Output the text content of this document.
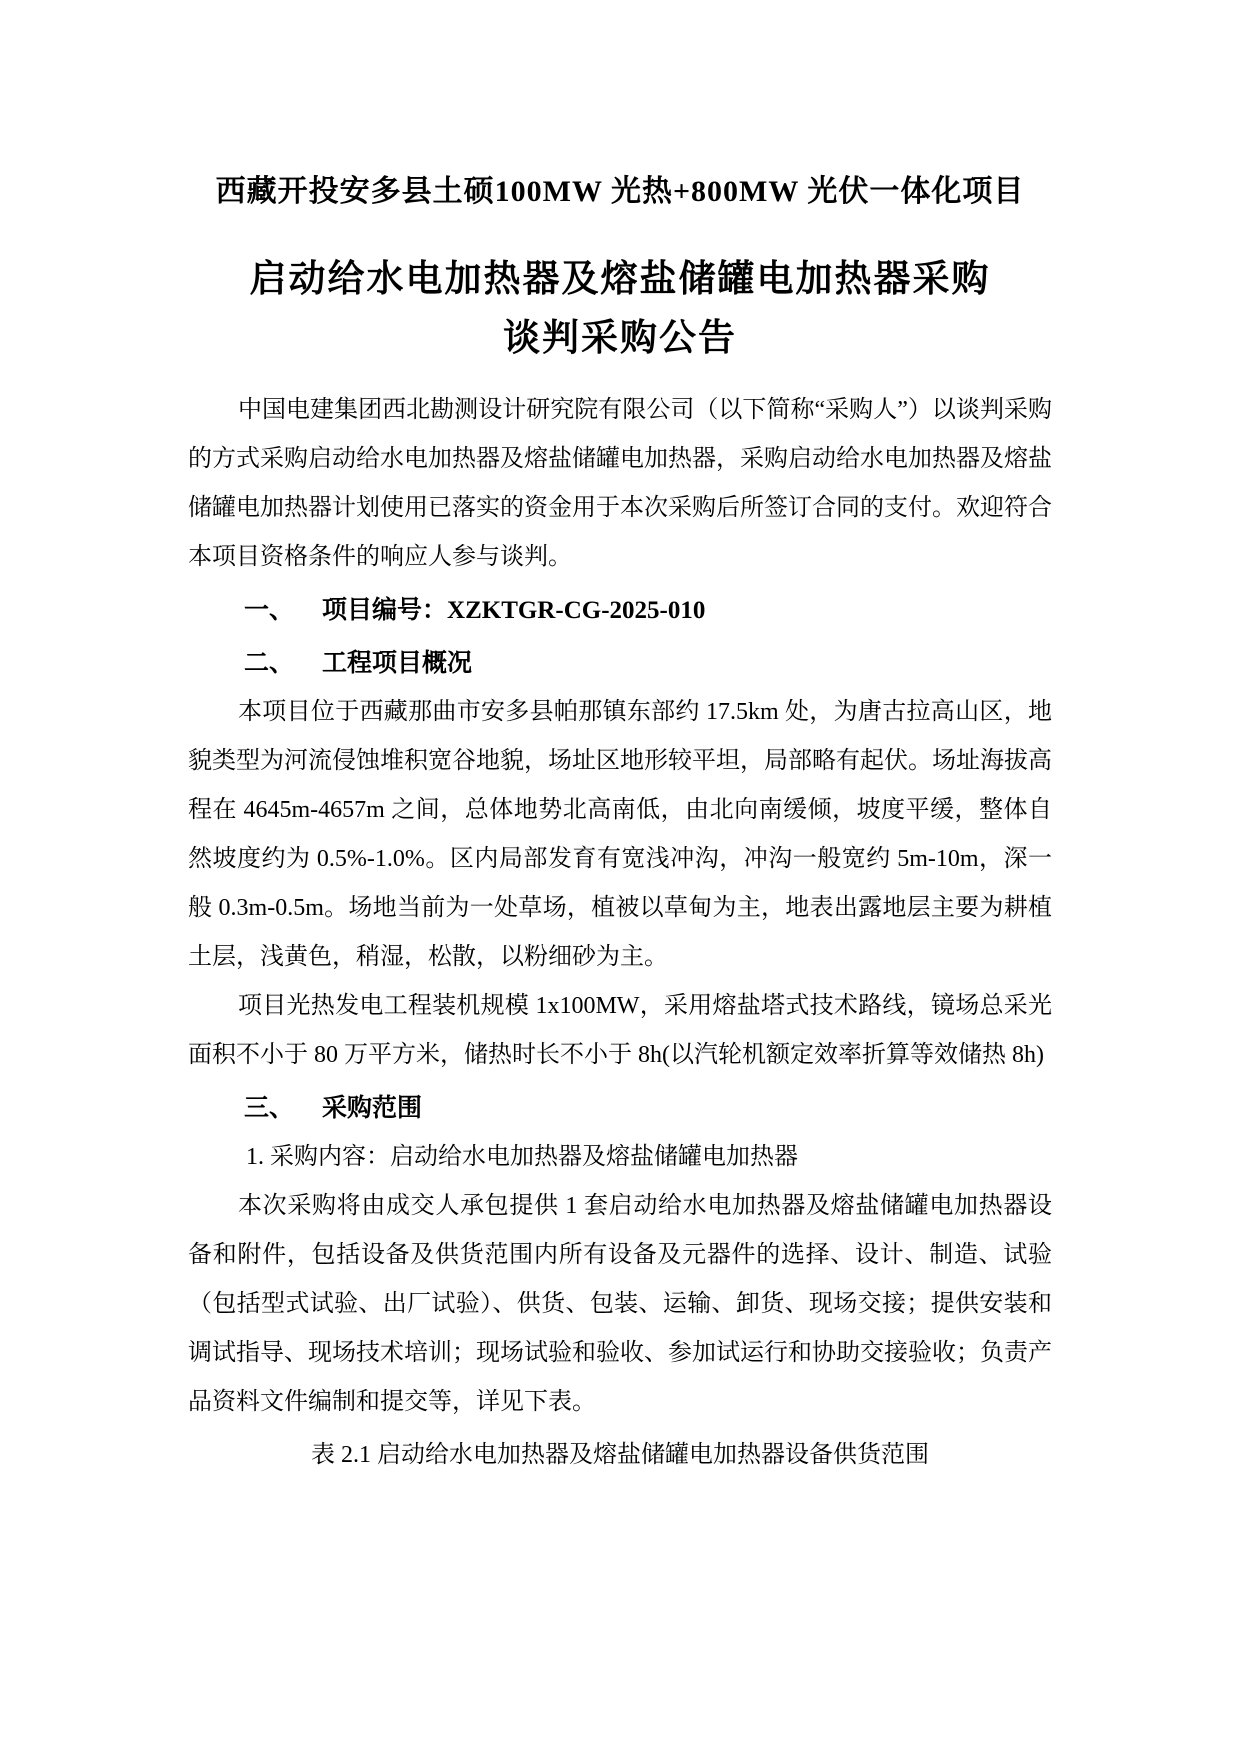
西藏开投安多县土硕100MW 光热+800MW 光伏一体化项目
启动给水电加热器及熔盐储罐电加热器采购
谈判采购公告

中国电建集团西北勘测设计研究院有限公司（以下简称“采购人”）以谈判采购的方式采购启动给水电加热器及熔盐储罐电加热器，采购启动给水电加热器及熔盐储罐电加热器计划使用已落实的资金用于本次采购后所签订合同的支付。欢迎符合本项目资格条件的响应人参与谈判。

一、 项目编号：XZKTGR-CG-2025-010

二、 工程项目概况

本项目位于西藏那曲市安多县帕那镇东部约 17.5km 处，为唐古拉高山区，地貌类型为河流侵蚀堆积宽谷地貌，场址区地形较平坦，局部略有起伏。场址海拔高程在 4645m-4657m 之间，总体地势北高南低，由北向南缓倾，坡度平缓，整体自然坡度约为 0.5%-1.0%。区内局部发育有宽浅冲沟，冲沟一般宽约 5m-10m，深一般 0.3m-0.5m。场地当前为一处草场，植被以草甸为主，地表出露地层主要为耕植土层，浅黄色，稍湿，松散，以粉细砂为主。

项目光热发电工程装机规模 1x100MW，采用熔盐塔式技术路线，镜场总采光面积不小于 80 万平方米，储热时长不小于 8h(以汽轮机额定效率折算等效储热 8h)

三、 采购范围

1. 采购内容：启动给水电加热器及熔盐储罐电加热器

本次采购将由成交人承包提供 1 套启动给水电加热器及熔盐储罐电加热器设备和附件，包括设备及供货范围内所有设备及元器件的选择、设计、制造、试验（包括型式试验、出厂试验）、供货、包装、运输、卸货、现场交接；提供安装和调试指导、现场技术培训；现场试验和验收、参加试运行和协助交接验收；负责产品资料文件编制和提交等，详见下表。

表 2.1 启动给水电加热器及熔盐储罐电加热器设备供货范围
